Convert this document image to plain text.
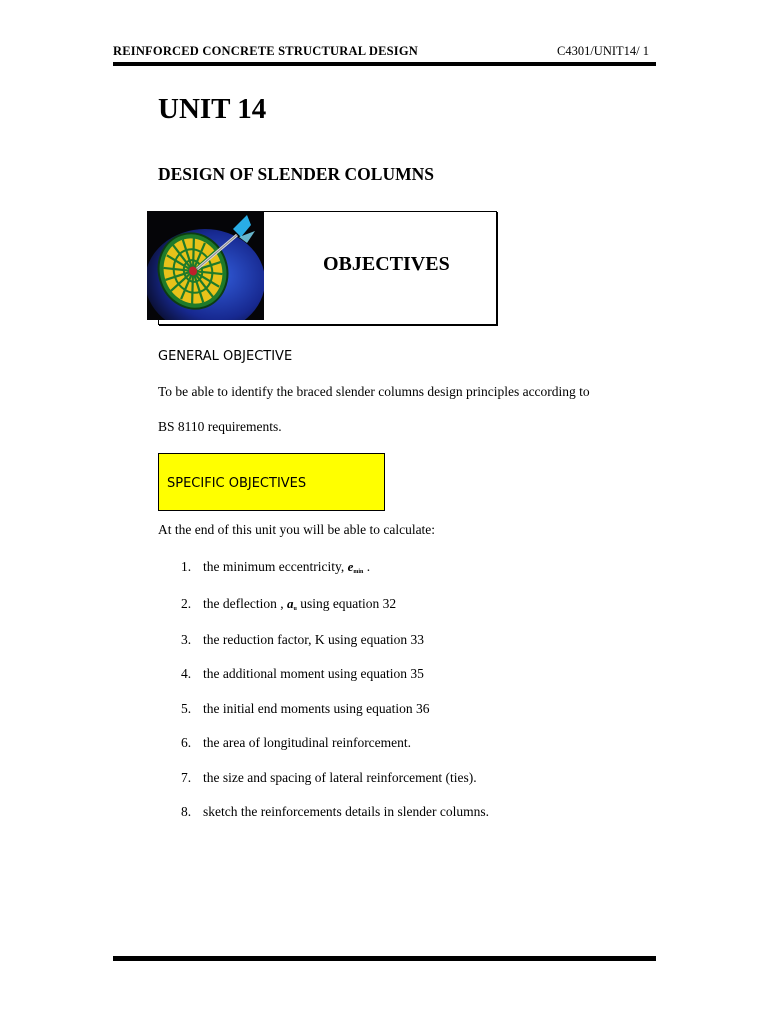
REINFORCED CONCRETE STRUCTURAL DESIGN	C4301/UNIT14/ 1
UNIT 14
DESIGN OF SLENDER COLUMNS
OBJECTIVES
GENERAL OBJECTIVE
To be able to identify the braced slender columns design principles according to
BS 8110 requirements.
SPECIFIC OBJECTIVES
At the end of this unit you will be able to calculate:
1. the minimum eccentricity, $e_{min}$ .
2. the deflection , $a_u$ using equation 32
3. the reduction factor, K using equation 33
4. the additional moment using equation 35
5. the initial end moments using equation 36
6. the area of longitudinal reinforcement.
7. the size and spacing of lateral reinforcement (ties).
8. sketch the reinforcements details in slender columns.
